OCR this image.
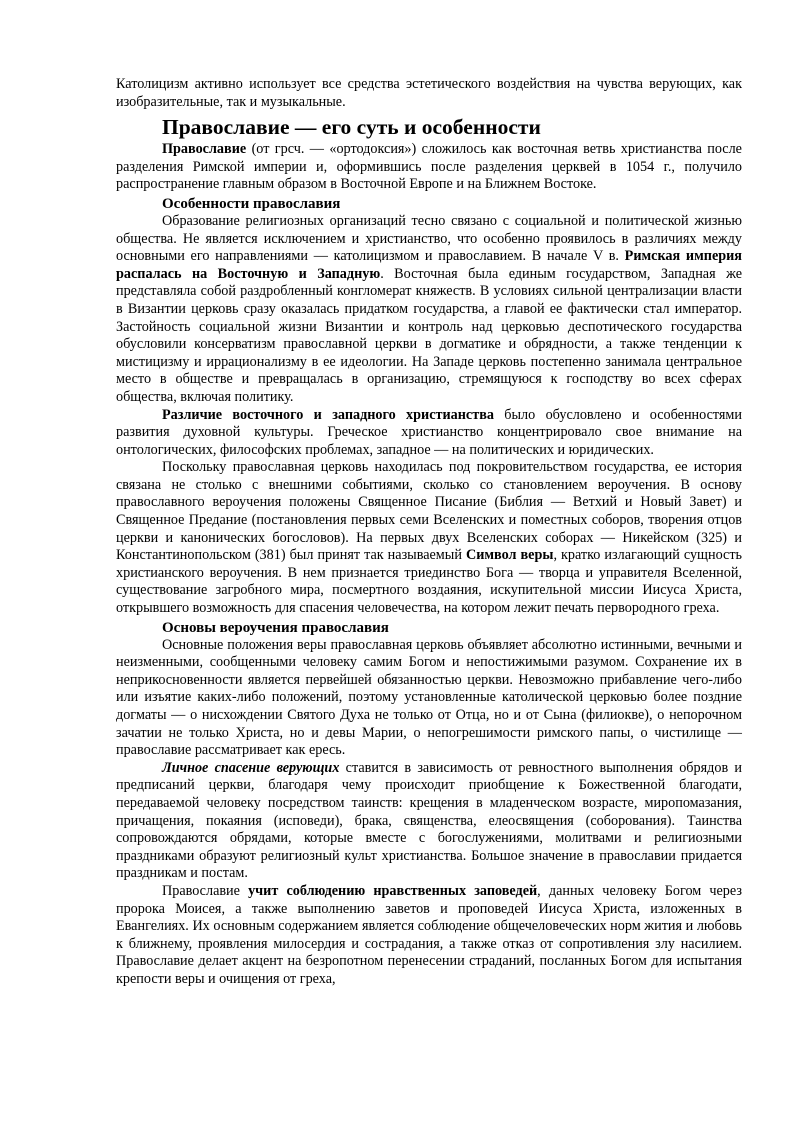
Католицизм активно использует все средства эстетического воздействия на чувства верующих, как изобразительные, так и музыкальные.

Православие — его суть и особенности

Православие (от грсч. — «ортодоксия») сложилось как восточная ветвь христианства после разделения Римской империи и, оформившись после разделения церквей в 1054 г., получило распространение главным образом в Восточной Европе и на Ближнем Востоке.

Особенности православия

Образование религиозных организаций тесно связано с социальной и политической жизнью общества. Не является исключением и христианство, что особенно проявилось в различиях между основными его направлениями — католицизмом и православием. В начале V в. Римская империя распалась на Восточную и Западную. Восточная была единым государством, Западная же представляла собой раздробленный конгломерат княжеств. В условиях сильной централизации власти в Византии церковь сразу оказалась придатком государства, а главой ее фактически стал император. Застойность социальной жизни Византии и контроль над церковью деспотического государства обусловили консерватизм православной церкви в догматике и обрядности, а также тенденции к мистицизму и иррационализму в ее идеологии. На Западе церковь постепенно занимала центральное место в обществе и превращалась в организацию, стремящуюся к господству во всех сферах общества, включая политику.

Различие восточного и западного христианства было обусловлено и особенностями развития духовной культуры. Греческое христианство концентрировало свое внимание на онтологических, философских проблемах, западное — на политических и юридических.

Поскольку православная церковь находилась под покровительством государства, ее история связана не столько с внешними событиями, сколько со становлением вероучения. В основу православного вероучения положены Священное Писание (Библия — Ветхий и Новый Завет) и Священное Предание (постановления первых семи Вселенских и поместных соборов, творения отцов церкви и канонических богословов). На первых двух Вселенских соборах — Никейском (325) и Константинопольском (381) был принят так называемый Символ веры, кратко излагающий сущность христианского вероучения. В нем признается триединство Бога — творца и управителя Вселенной, существование загробного мира, посмертного воздаяния, искупительной миссии Иисуса Христа, открывшего возможность для спасения человечества, на котором лежит печать первородного греха.

Основы вероучения православия

Основные положения веры православная церковь объявляет абсолютно истинными, вечными и неизменными, сообщенными человеку самим Богом и непостижимыми разумом. Сохранение их в неприкосновенности является первейшей обязанностью церкви. Невозможно прибавление чего-либо или изъятие каких-либо положений, поэтому установленные католической церковью более поздние догматы — о нисхождении Святого Духа не только от Отца, но и от Сына (филиокве), о непорочном зачатии не только Христа, но и девы Марии, о непогрешимости римского папы, о чистилище — православие рассматривает как ересь.

Личное спасение верующих ставится в зависимость от ревностного выполнения обрядов и предписаний церкви, благодаря чему происходит приобщение к Божественной благодати, передаваемой человеку посредством таинств: крещения в младенческом возрасте, миропомазания, причащения, покаяния (исповеди), брака, священства, елеосвящения (соборования). Таинства сопровождаются обрядами, которые вместе с богослужениями, молитвами и религиозными праздниками образуют религиозный культ христианства. Большое значение в православии придается праздникам и постам.

Православие учит соблюдению нравственных заповедей, данных человеку Богом через пророка Моисея, а также выполнению заветов и проповедей Иисуса Христа, изложенных в Евангелиях. Их основным содержанием является соблюдение общечеловеческих норм жития и любовь к ближнему, проявления милосердия и сострадания, а также отказ от сопротивления злу насилием. Православие делает акцент на безропотном перенесении страданий, посланных Богом для испытания крепости веры и очищения от греха,
